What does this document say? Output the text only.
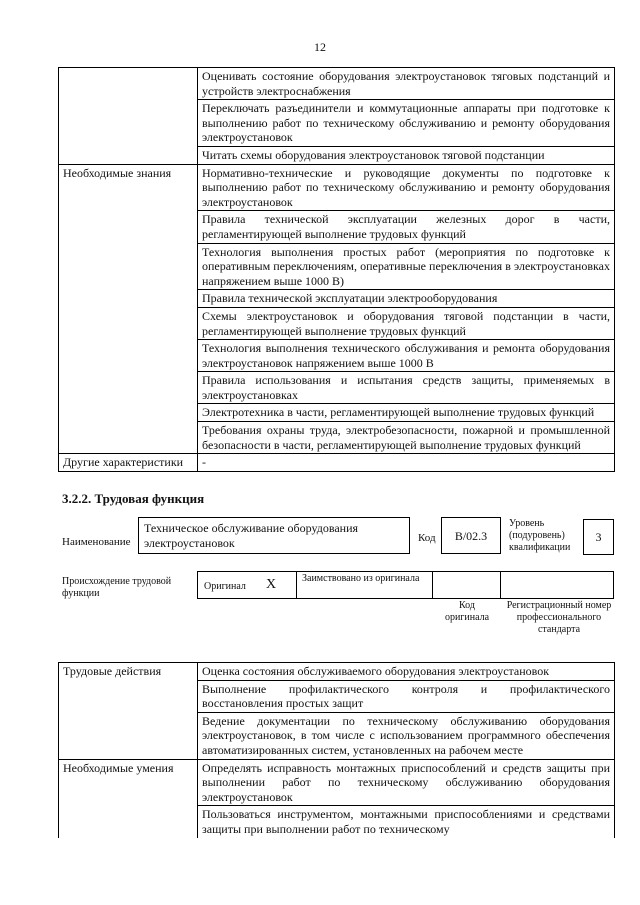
12
	Оценивать состояние оборудования электроустановок тяговых подстанций и устройств электроснабжения
	Переключать разъединители и коммутационные аппараты при подготовке к выполнению работ по техническому обслуживанию и ремонту оборудования электроустановок
	Читать схемы оборудования электроустановок тяговой подстанции
Необходимые знания	Нормативно-технические и руководящие документы по подготовке к выполнению работ по техническому обслуживанию и ремонту оборудования электроустановок
	Правила технической эксплуатации железных дорог в части, регламентирующей выполнение трудовых функций
	Технология выполнения простых работ (мероприятия по подготовке к оперативным переключениям, оперативные переключения в электроустановках напряжением выше 1000 В)
	Правила технической эксплуатации электрооборудования
	Схемы электроустановок и оборудования тяговой подстанции в части, регламентирующей выполнение трудовых функций
	Технология выполнения технического обслуживания и ремонта оборудования электроустановок напряжением выше 1000 В
	Правила использования и испытания средств защиты, применяемых в электроустановках
	Электротехника в части, регламентирующей выполнение трудовых функций
	Требования охраны труда, электробезопасности, пожарной и промышленной безопасности в части, регламентирующей выполнение трудовых функций
Другие характеристики	-
3.2.2. Трудовая функция
Наименование
Техническое обслуживание оборудования электроустановок	Код	В/02.3
Уровень (подуровень) квалификации
3
Происхождение трудовой функции
Оригинал X	Заимствовано из оригинала
Код оригинала
Регистрационный номер профессионального стандарта
Трудовые действия	Оценка состояния обслуживаемого оборудования электроустановок
	Выполнение профилактического контроля и профилактического восстановления простых защит
	Ведение документации по техническому обслуживанию оборудования электроустановок, в том числе с использованием программного обеспечения автоматизированных систем, установленных на рабочем месте
Необходимые умения	Определять исправность монтажных приспособлений и средств защиты при выполнении работ по техническому обслуживанию оборудования электроустановок
	Пользоваться инструментом, монтажными приспособлениями и средствами защиты при выполнении работ по техническому
